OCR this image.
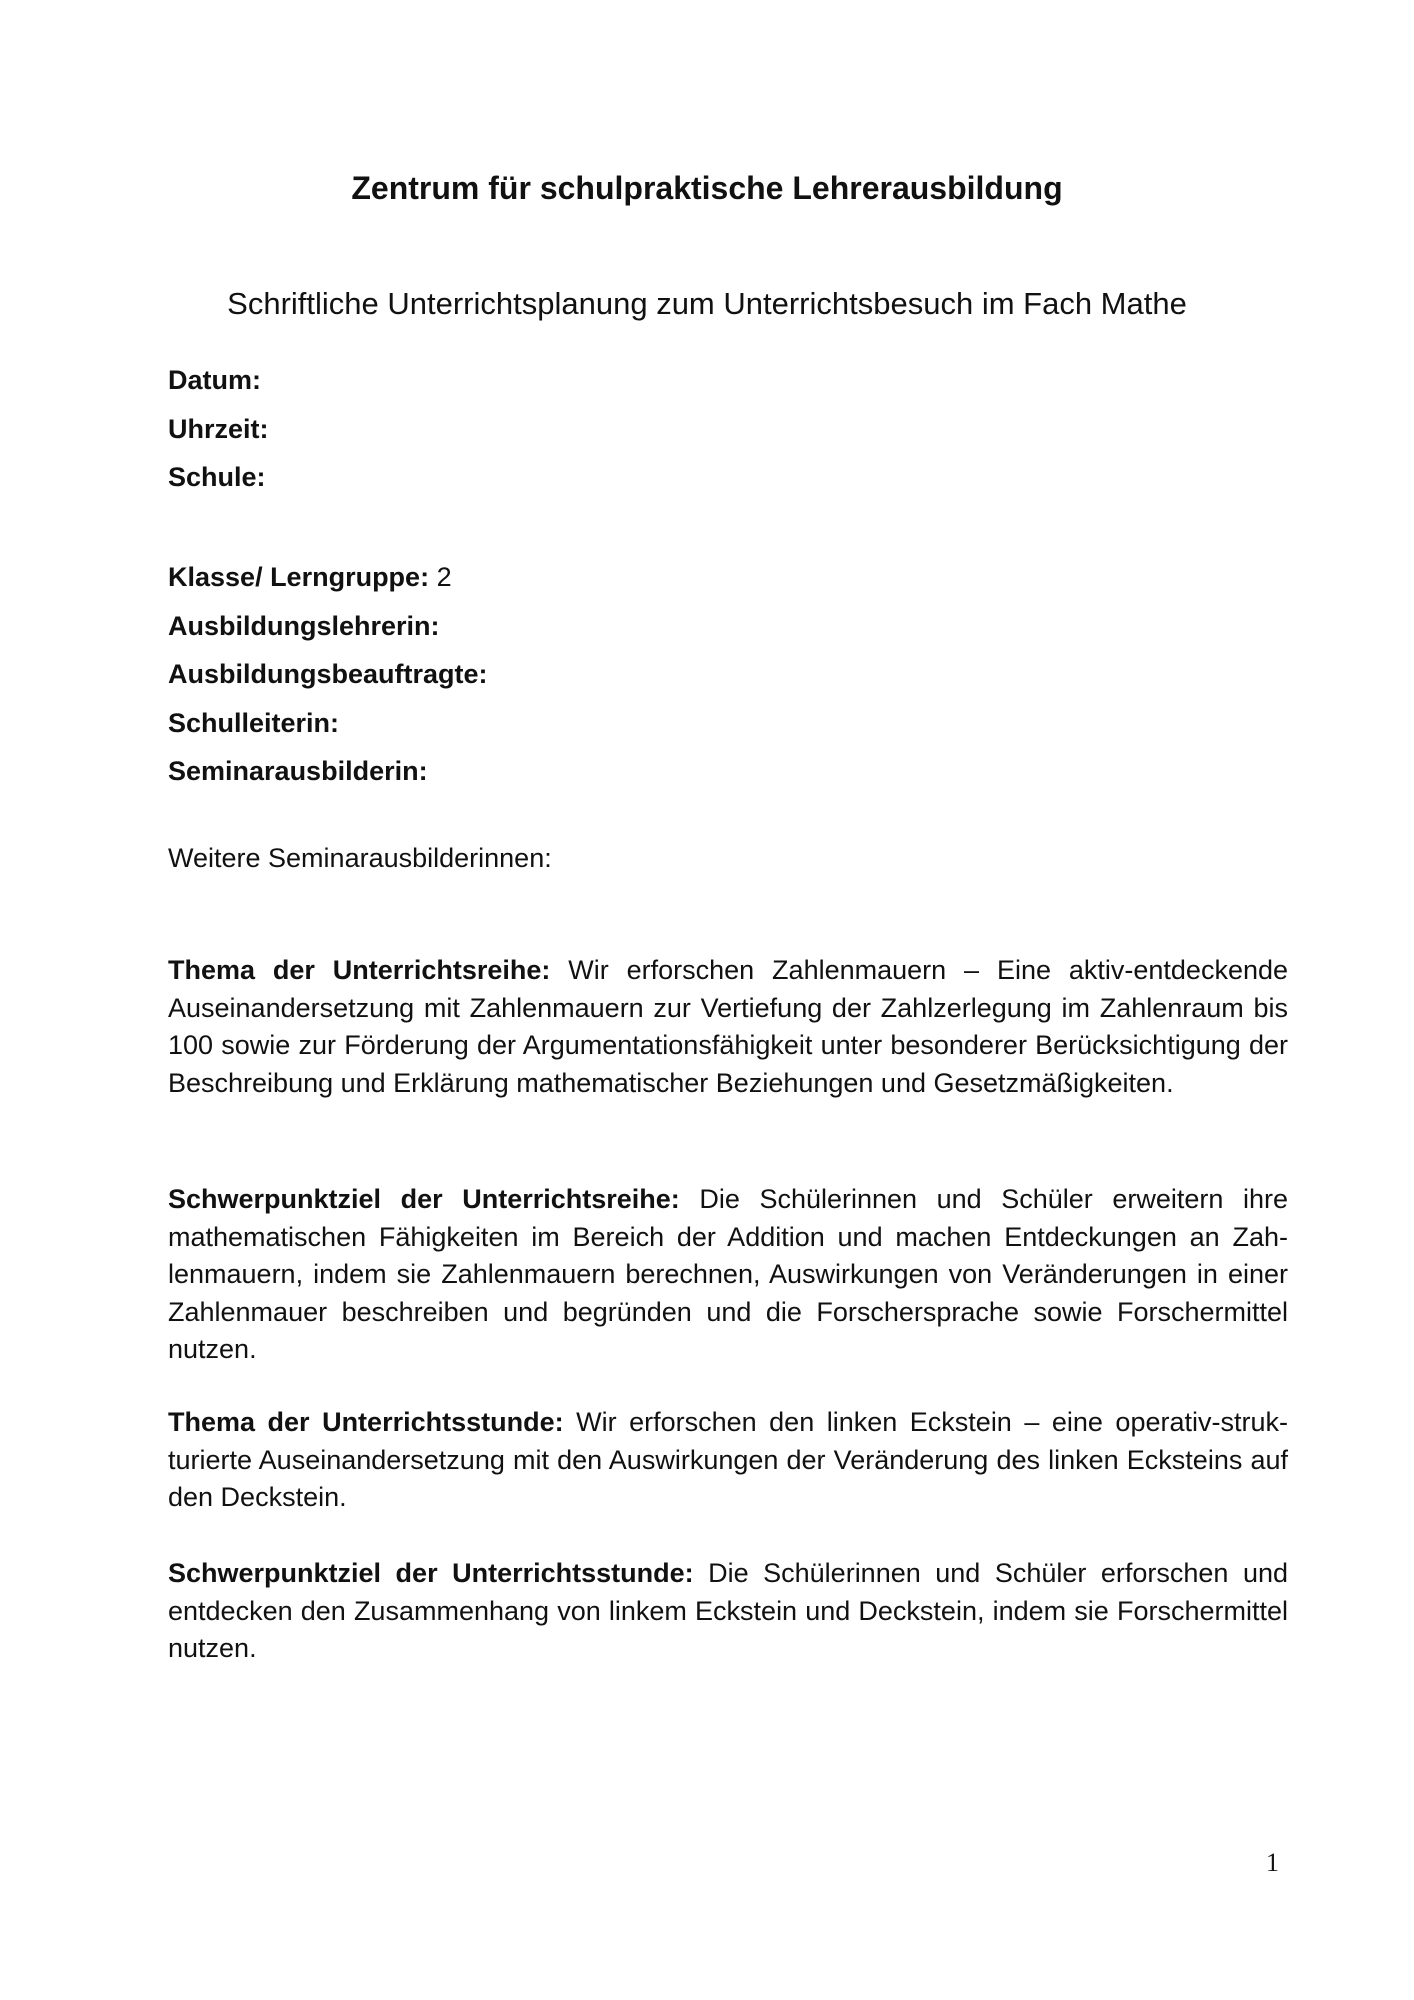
Zentrum für schulpraktische Lehrerausbildung
Schriftliche Unterrichtsplanung zum Unterrichtsbesuch im Fach Mathe
Datum:
Uhrzeit:
Schule:
Klasse/ Lerngruppe: 2
Ausbildungslehrerin:
Ausbildungsbeauftragte:
Schulleiterin:
Seminarausbilderin:
Weitere Seminarausbilderinnen:
Thema der Unterrichtsreihe: Wir erforschen Zahlenmauern – Eine aktiv-entdeckende Auseinandersetzung mit Zahlenmauern zur Vertiefung der Zahlzerlegung im Zahlenraum bis 100 sowie zur Förderung der Argumentationsfähigkeit unter besonderer Berücksichtigung der Beschreibung und Erklärung mathematischer Beziehungen und Gesetzmäßigkeiten.
Schwerpunktziel der Unterrichtsreihe: Die Schülerinnen und Schüler erweitern ihre mathematischen Fähigkeiten im Bereich der Addition und machen Entdeckungen an Zahlenmauern, indem sie Zahlenmauern berechnen, Auswirkungen von Veränderungen in einer Zahlenmauer beschreiben und begründen und die Forschersprache sowie Forschermittel nutzen.
Thema der Unterrichtsstunde: Wir erforschen den linken Eckstein – eine operativ-strukturierte Auseinandersetzung mit den Auswirkungen der Veränderung des linken Ecksteins auf den Deckstein.
Schwerpunktziel der Unterrichtsstunde: Die Schülerinnen und Schüler erforschen und entdecken den Zusammenhang von linkem Eckstein und Deckstein, indem sie Forschermittel nutzen.
1
